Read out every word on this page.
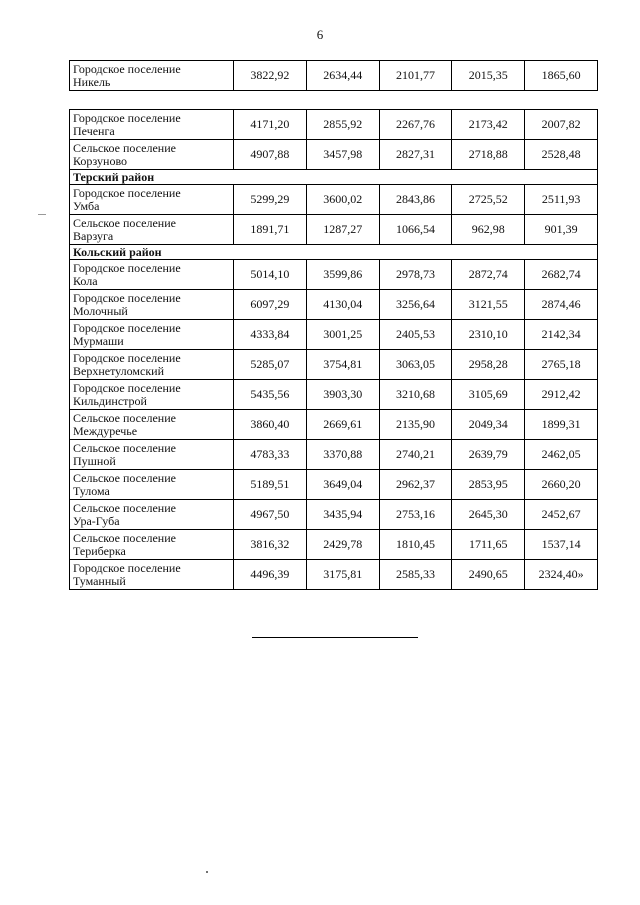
6
Городское поселение
Никель	3822,92	2634,44	2101,77	2015,35	1865,60
Городское поселение
Печенга	4171,20	2855,92	2267,76	2173,42	2007,82

Сельское поселение
Корзуново	4907,88	3457,98	2827,31	2718,88	2528,48
Терский район					

Городское поселение
Умба	5299,29	3600,02	2843,86	2725,52	2511,93

Сельское поселение
Варзуга	1891,71	1287,27	1066,54	962,98	901,39
Кольский район					

Городское поселение
Кола	5014,10	3599,86	2978,73	2872,74	2682,74

Городское поселение
Молочный	6097,29	4130,04	3256,64	3121,55	2874,46

Городское поселение
Мурмаши	4333,84	3001,25	2405,53	2310,10	2142,34

Городское поселение
Верхнетуломский	5285,07	3754,81	3063,05	2958,28	2765,18

Городское поселение
Кильдинстрой	5435,56	3903,30	3210,68	3105,69	2912,42

Сельское поселение
Междуречье	3860,40	2669,61	2135,90	2049,34	1899,31

Сельское поселение
Пушной	4783,33	3370,88	2740,21	2639,79	2462,05

Сельское поселение
Тулома	5189,51	3649,04	2962,37	2853,95	2660,20

Сельское поселение
Ура-Губа	4967,50	3435,94	2753,16	2645,30	2452,67

Сельское поселение
Териберка	3816,32	2429,78	1810,45	1711,65	1537,14

Городское поселение
Туманный	4496,39	3175,81	2585,33	2490,65	2324,40»
